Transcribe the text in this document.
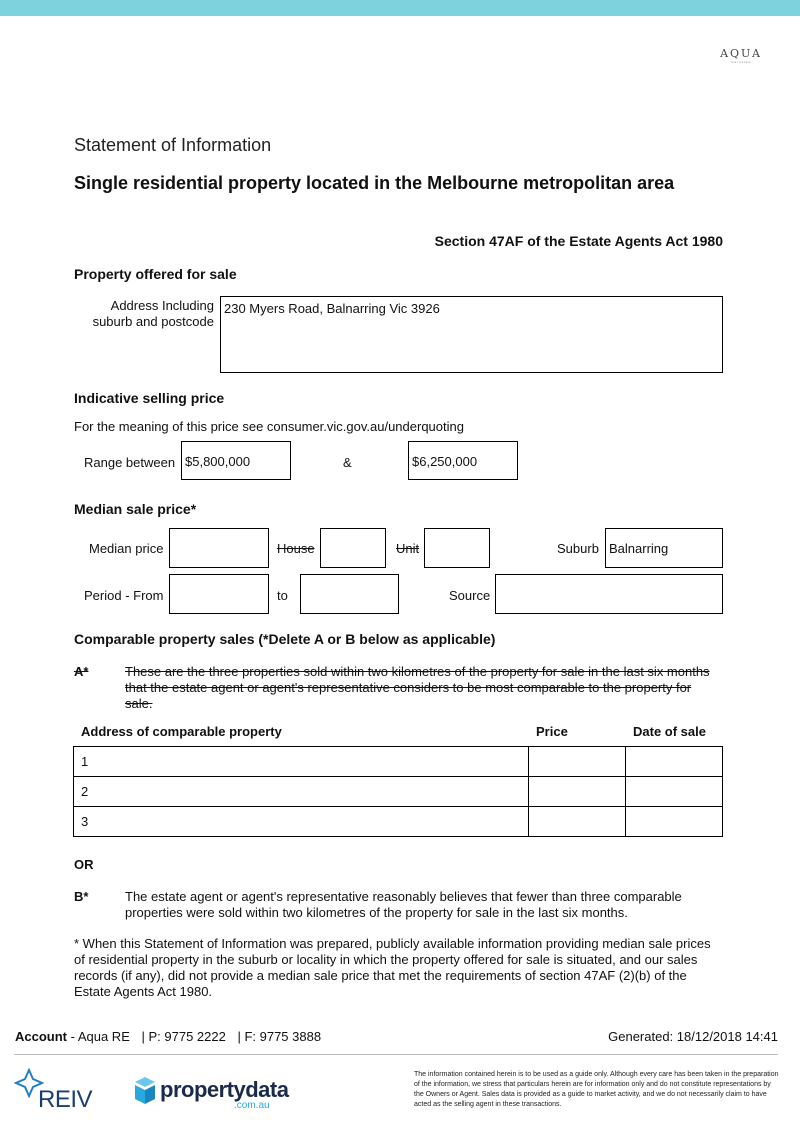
AQUA
real estate
Statement of Information
Single residential property located in the Melbourne metropolitan area
Section 47AF of the Estate Agents Act 1980
Property offered for sale
Address Including suburb and postcode
230 Myers Road, Balnarring Vic 3926
Indicative selling price
For the meaning of this price see consumer.vic.gov.au/underquoting
Range between $5,800,000	&	$6,250,000
Median sale price*
Median price	House	Unit	Suburb Balnarring
Period - From	to	Source
Comparable property sales (*Delete A or B below as applicable)
A*	These are the three properties sold within two kilometres of the property for sale in the last six months that the estate agent or agent's representative considers to be most comparable to the property for sale.
Address of comparable property	Price	Date of sale
1		
2		
3		
OR
B*	The estate agent or agent's representative reasonably believes that fewer than three comparable properties were sold within two kilometres of the property for sale in the last six months.
* When this Statement of Information was prepared, publicly available information providing median sale prices of residential property in the suburb or locality in which the property offered for sale is situated, and our sales records (if any), did not provide a median sale price that met the requirements of section 47AF (2)(b) of the Estate Agents Act 1980.
Account - Aqua RE | P: 9775 2222 | F: 9775 3888	Generated: 18/12/2018 14:41
REIV	propertydata
.com.au
The information contained herein is to be used as a guide only. Although every care has been taken in the preparation of the information, we stress that particulars herein are for information only and do not constitute representations by the Owners or Agent. Sales data is provided as a guide to market activity, and we do not necessarily claim to have acted as the selling agent in these transactions.
